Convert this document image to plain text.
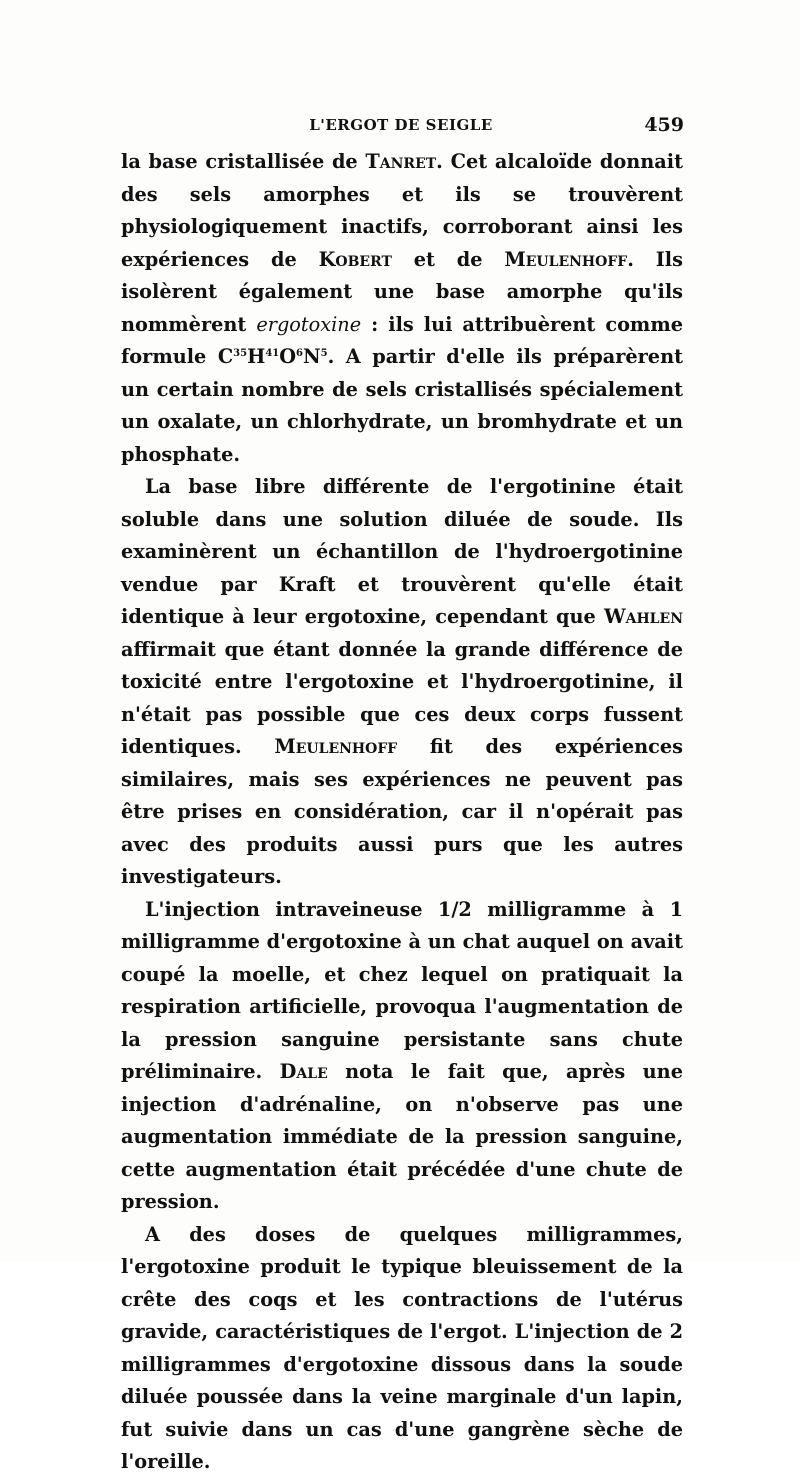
L'ERGOT DE SEIGLE	459

la base cristallisée de Tanret. Cet alcaloïde donnait des sels amorphes et ils se trouvèrent physiologiquement inactifs, corroborant ainsi les expériences de Kobert et de Meulenhoff. Ils isolèrent également une base amorphe qu'ils nommèrent ergotoxine : ils lui attribuèrent comme formule $C^{35}H^{41}O^6N^5$. A partir d'elle ils préparèrent un certain nombre de sels cristallisés spécialement un oxalate, un chlorhydrate, un bromhydrate et un phosphate.

La base libre différente de l'ergotinine était soluble dans une solution diluée de soude. Ils examinèrent un échantillon de l'hydroergotinine vendue par Kraft et trouvèrent qu'elle était identique à leur ergotoxine, cependant que Wahlen affirmait que étant donnée la grande différence de toxicité entre l'ergotoxine et l'hydroergotinine, il n'était pas possible que ces deux corps fussent identiques. Meulenhoff fit des expériences similaires, mais ses expériences ne peuvent pas être prises en considération, car il n'opérait pas avec des produits aussi purs que les autres investigateurs.

L'injection intraveineuse 1/2 milligramme à 1 milligramme d'ergotoxine à un chat auquel on avait coupé la moelle, et chez lequel on pratiquait la respiration artificielle, provoqua l'augmentation de la pression sanguine persistante sans chute préliminaire. Dale nota le fait que, après une injection d'adrénaline, on n'observe pas une augmentation immédiate de la pression sanguine, cette augmentation était précédée d'une chute de pression.

A des doses de quelques milligrammes, l'ergotoxine produit le typique bleuissement de la crête des coqs et les contractions de l'utérus gravide, caractéristiques de l'ergot. L'injection de 2 milligrammes d'ergotoxine dissous dans la soude diluée poussée dans la veine marginale d'un lapin, fut suivie dans un cas d'une gangrène sèche de l'oreille.
